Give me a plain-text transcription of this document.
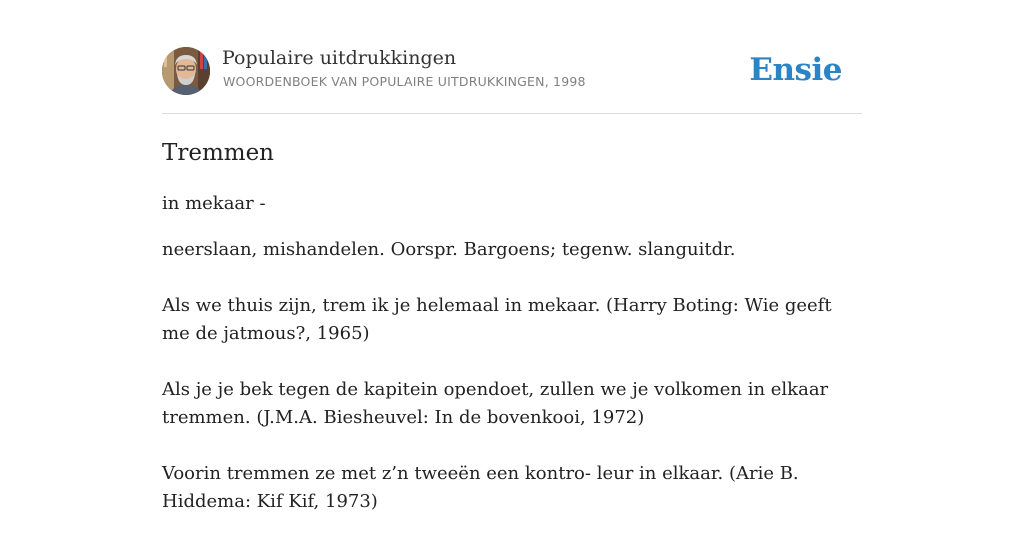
Populaire uitdrukkingen
WOORDENBOEK VAN POPULAIRE UITDRUKKINGEN, 1998	Ensie
Tremmen
in mekaar -

neerslaan, mishandelen. Oorspr. Bargoens; tegenw. slanguitdr.

Als we thuis zijn, trem ik je helemaal in mekaar. (Harry Boting: Wie geeft me de jatmous?, 1965)

Als je je bek tegen de kapitein opendoet, zullen we je volkomen in elkaar tremmen. (J.M.A. Biesheuvel: In de bovenkooi, 1972)

Voorin tremmen ze met z’n tweeën een kontro- leur in elkaar. (Arie B. Hiddema: Kif Kif, 1973)
